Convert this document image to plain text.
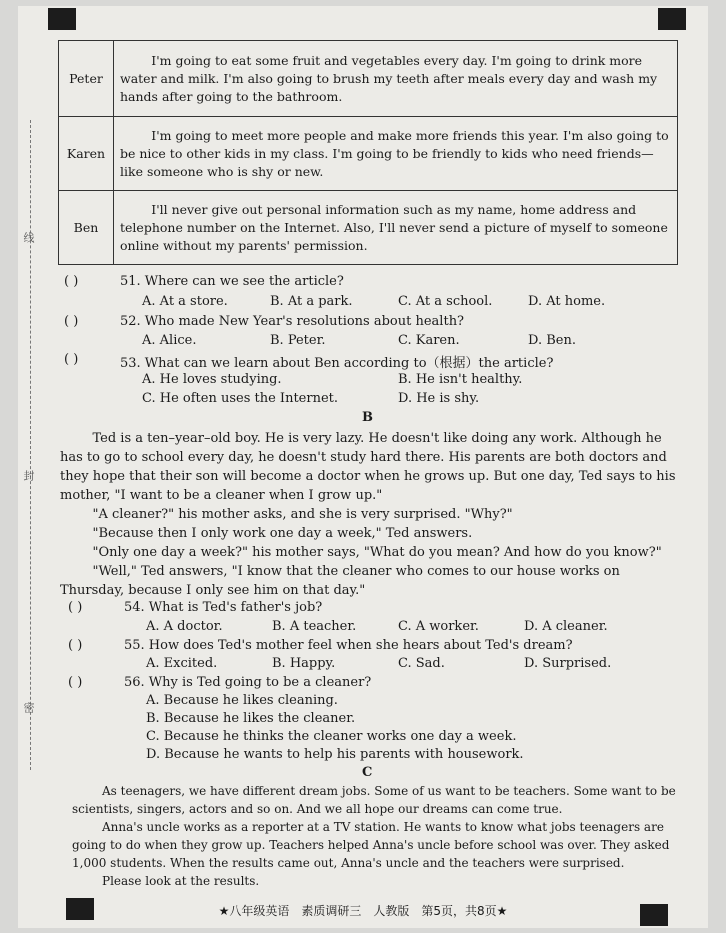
线
封
密
Peter	I'm going to eat some fruit and vegetables every day. I'm going to drink more water and milk. I'm also going to brush my teeth after meals every day and wash my hands after going to the bathroom.
Karen	I'm going to meet more people and make more friends this year. I'm also going to be nice to other kids in my class. I'm going to be friendly to kids who need friends—like someone who is shy or new.
Ben	I'll never give out personal information such as my name, home address and telephone number on the Internet. Also, I'll never send a picture of myself to someone online without my parents' permission.
( )	51. Where can we see the article?
A. At a store.	B. At a park.	C. At a school.	D. At home.
( )	52. Who made New Year's resolutions about health?
A. Alice.	B. Peter.	C. Karen.	D. Ben.
( )	53. What can we learn about Ben according to（根据）the article?
A. He loves studying.	B. He isn't healthy.
C. He often uses the Internet.	D. He is shy.
B
Ted is a ten–year–old boy. He is very lazy. He doesn't like doing any work. Although he has to go to school every day, he doesn't study hard there. His parents are both doctors and they hope that their son will become a doctor when he grows up. But one day, Ted says to his mother, "I want to be a cleaner when I grow up."
"A cleaner?" his mother asks, and she is very surprised. "Why?"
"Because then I only work one day a week," Ted answers.
"Only one day a week?" his mother says, "What do you mean? And how do you know?"
"Well," Ted answers, "I know that the cleaner who comes to our house works on Thursday, because I only see him on that day."
( )	54. What is Ted's father's job?
A. A doctor.	B. A teacher.	C. A worker.	D. A cleaner.
( )	55. How does Ted's mother feel when she hears about Ted's dream?
A. Excited.	B. Happy.	C. Sad.	D. Surprised.
( )	56. Why is Ted going to be a cleaner?
A. Because he likes cleaning.
B. Because he likes the cleaner.
C. Because he thinks the cleaner works one day a week.
D. Because he wants to help his parents with housework.
C
As teenagers, we have different dream jobs. Some of us want to be teachers. Some want to be scientists, singers, actors and so on. And we all hope our dreams can come true.
Anna's uncle works as a reporter at a TV station. He wants to know what jobs teenagers are going to do when they grow up. Teachers helped Anna's uncle before school was over. They asked 1,000 students. When the results came out, Anna's uncle and the teachers were surprised.
Please look at the results.
★八年级英语　素质调研三　人教版　第5页，共8页★
